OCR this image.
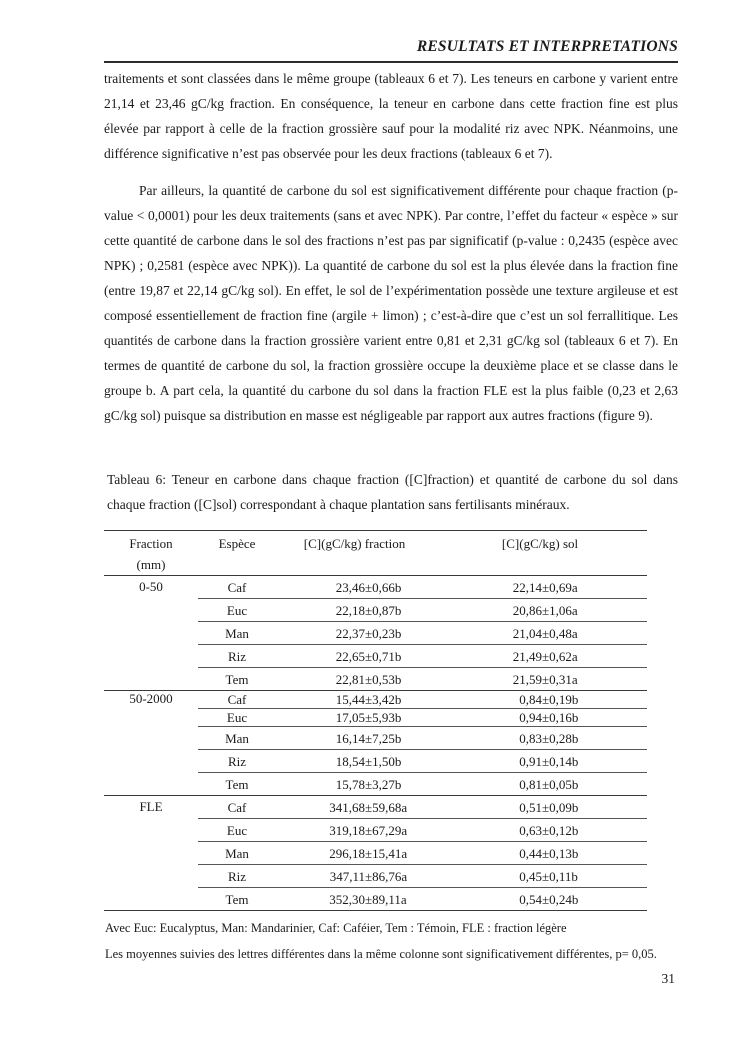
RESULTATS ET INTERPRETATIONS

traitements et sont classées dans le même groupe (tableaux 6 et 7). Les teneurs en carbone y varient entre 21,14 et 23,46 gC/kg fraction. En conséquence, la teneur en carbone dans cette fraction fine est plus élevée par rapport à celle de la fraction grossière sauf pour la modalité riz avec NPK. Néanmoins, une différence significative n’est pas observée pour les deux fractions (tableaux 6 et 7).

Par ailleurs, la quantité de carbone du sol est significativement différente pour chaque fraction (p-value < 0,0001) pour les deux traitements (sans et avec NPK). Par contre, l’effet du facteur « espèce » sur cette quantité de carbone dans le sol des fractions n’est pas par significatif (p-value : 0,2435 (espèce avec NPK) ; 0,2581 (espèce avec NPK)). La quantité de carbone du sol est la plus élevée dans la fraction fine (entre 19,87 et 22,14 gC/kg sol). En effet, le sol de l’expérimentation possède une texture argileuse et est composé essentiellement de fraction fine (argile + limon) ; c’est-à-dire que c’est un sol ferrallitique. Les quantités de carbone dans la fraction grossière varient entre 0,81 et 2,31 gC/kg sol (tableaux 6 et 7). En termes de quantité de carbone du sol, la fraction grossière occupe la deuxième place et se classe dans le groupe b. A part cela, la quantité du carbone du sol dans la fraction FLE est la plus faible (0,23 et 2,63 gC/kg sol) puisque sa distribution en masse est négligeable par rapport aux autres fractions (figure 9).

Tableau 6: Teneur en carbone dans chaque fraction ([C]fraction) et quantité de carbone du sol dans chaque fraction ([C]sol) correspondant à chaque plantation sans fertilisants minéraux.

Fraction
(mm)	Espèce	[C](gC/kg) fraction		[C](gC/kg) sol	
0-50	Caf	23,46	±0,66b	22,14	±0,69a
	Euc	22,18	±0,87b	20,86	±1,06a
	Man	22,37	±0,23b	21,04	±0,48a
	Riz	22,65	±0,71b	21,49	±0,62a
	Tem	22,81	±0,53b	21,59	±0,31a
50-2000	Caf	15,44	±3,42b	0,84	±0,19b
	Euc	17,05	±5,93b	0,94	±0,16b
	Man	16,14	±7,25b	0,83	±0,28b
	Riz	18,54	±1,50b	0,91	±0,14b
	Tem	15,78	±3,27b	0,81	±0,05b
FLE	Caf	341,68	±59,68a	0,51	±0,09b
	Euc	319,18	±67,29a	0,63	±0,12b
	Man	296,18	±15,41a	0,44	±0,13b
	Riz	347,11	±86,76a	0,45	±0,11b
	Tem	352,30	±89,11a	0,54	±0,24b

Avec Euc: Eucalyptus, Man: Mandarinier, Caf: Caféier, Tem : Témoin, FLE : fraction légère

Les moyennes suivies des lettres différentes dans la même colonne sont significativement différentes, p= 0,05.

31
